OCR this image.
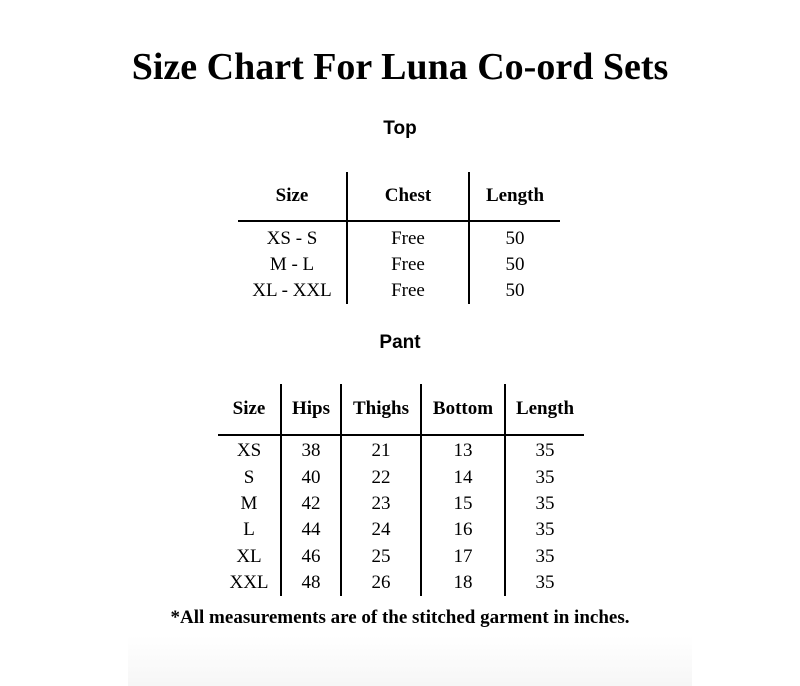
Size Chart For Luna Co-ord Sets
Top
Size	Chest	Length
XS - S	Free	50
M - L	Free	50
XL - XXL	Free	50
Pant
Size	Hips	Thighs	Bottom	Length
XS	38	21	13	35
S	40	22	14	35
M	42	23	15	35
L	44	24	16	35
XL	46	25	17	35
XXL	48	26	18	35
*All measurements are of the stitched garment in inches.
